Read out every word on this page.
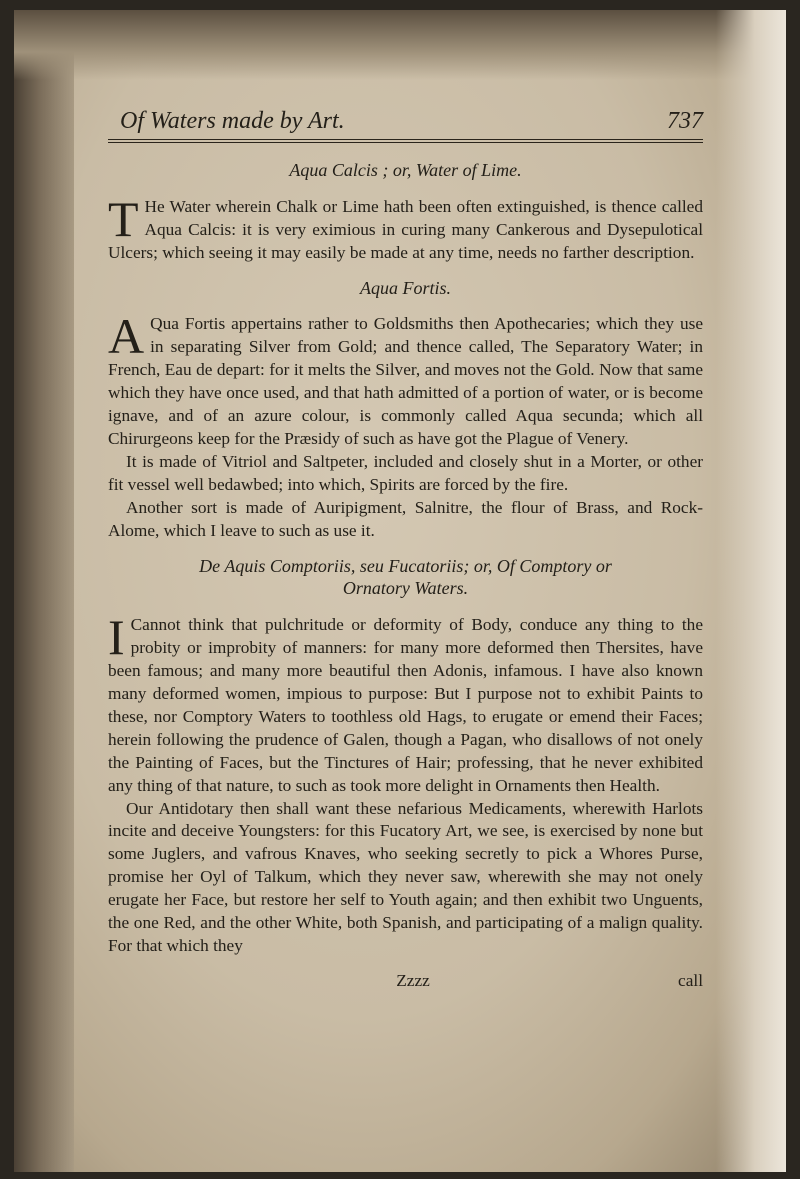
Of Waters made by Art.	737
Aqua Calcis ; or, Water of Lime.

T He Water wherein Chalk or Lime hath been often extinguished, is thence called Aqua Calcis: it is very eximious in curing many Cankerous and Dysepulotical Ulcers; which seeing it may easily be made at any time, needs no farther description.

Aqua Fortis.

A Qua Fortis appertains rather to Goldsmiths then Apothecaries; which they use in separating Silver from Gold; and thence called, The Separatory Water; in French, Eau de depart: for it melts the Silver, and moves not the Gold. Now that same which they have once used, and that hath admitted of a portion of water, or is become ignave, and of an azure colour, is commonly called Aqua secunda; which all Chirurgeons keep for the Præsidy of such as have got the Plague of Venery.

It is made of Vitriol and Saltpeter, included and closely shut in a Morter, or other fit vessel well bedawbed; into which, Spirits are forced by the fire.

Another sort is made of Auripigment, Salnitre, the flour of Brass, and Rock-Alome, which I leave to such as use it.

De Aquis Comptoriis, seu Fucatoriis; or, Of Comptory or
Ornatory Waters.

I Cannot think that pulchritude or deformity of Body, conduce any thing to the probity or improbity of manners: for many more deformed then Thersites, have been famous; and many more beautiful then Adonis, infamous. I have also known many deformed women, impious to purpose: But I purpose not to exhibit Paints to these, nor Comptory Waters to toothless old Hags, to erugate or emend their Faces; herein following the prudence of Galen, though a Pagan, who disallows of not onely the Painting of Faces, but the Tinctures of Hair; professing, that he never exhibited any thing of that nature, to such as took more delight in Ornaments then Health.

Our Antidotary then shall want these nefarious Medicaments, wherewith Harlots incite and deceive Youngsters: for this Fucatory Art, we see, is exercised by none but some Juglers, and vafrous Knaves, who seeking secretly to pick a Whores Purse, promise her Oyl of Talkum, which they never saw, wherewith she may not onely erugate her Face, but restore her self to Youth again; and then exhibit two Unguents, the one Red, and the other White, both Spanish, and participating of a malign quality. For that which they

Zzzz	call
